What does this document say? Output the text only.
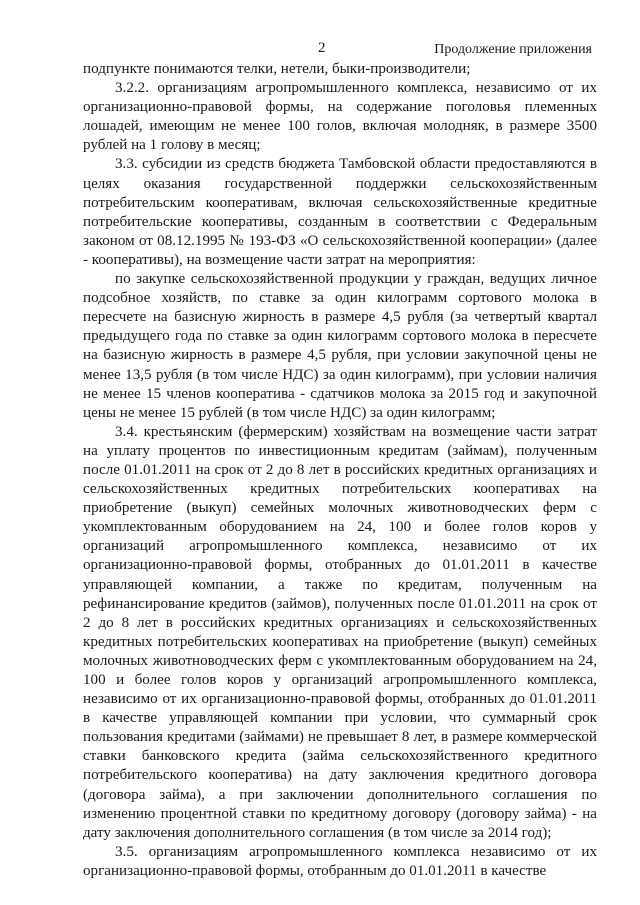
2	Продолжение приложения

подпункте понимаются телки, нетели, быки-производители;

3.2.2. организациям агропромышленного комплекса, независимо от их организационно-правовой формы, на содержание поголовья племенных лошадей, имеющим не менее 100 голов, включая молодняк, в размере 3500 рублей на 1 голову в месяц;

3.3. субсидии из средств бюджета Тамбовской области предоставляются в целях оказания государственной поддержки сельскохозяйственным потребительским кооперативам, включая сельскохозяйственные кредитные потребительские кооперативы, созданным в соответствии с Федеральным законом от 08.12.1995 № 193-ФЗ «О сельскохозяйственной кооперации» (далее - кооперативы), на возмещение части затрат на мероприятия:

по закупке сельскохозяйственной продукции у граждан, ведущих личное подсобное хозяйств, по ставке за один килограмм сортового молока в пересчете на базисную жирность в размере 4,5 рубля (за четвертый квартал предыдущего года по ставке за один килограмм сортового молока в пересчете на базисную жирность в размере 4,5 рубля, при условии закупочной цены не менее 13,5 рубля (в том числе НДС) за один килограмм), при условии наличия не менее 15 членов кооператива - сдатчиков молока за 2015 год и закупочной цены не менее 15 рублей (в том числе НДС) за один килограмм;

3.4. крестьянским (фермерским) хозяйствам на возмещение части затрат на уплату процентов по инвестиционным кредитам (займам), полученным после 01.01.2011 на срок от 2 до 8 лет в российских кредитных организациях и сельскохозяйственных кредитных потребительских кооперативах на приобретение (выкуп) семейных молочных животноводческих ферм с укомплектованным оборудованием на 24, 100 и более голов коров у организаций агропромышленного комплекса, независимо от их организационно-правовой формы, отобранных до 01.01.2011 в качестве управляющей компании, а также по кредитам, полученным на рефинансирование кредитов (займов), полученных после 01.01.2011 на срок от 2 до 8 лет в российских кредитных организациях и сельскохозяйственных кредитных потребительских кооперативах на приобретение (выкуп) семейных молочных животноводческих ферм с укомплектованным оборудованием на 24, 100 и более голов коров у организаций агропромышленного комплекса, независимо от их организационно-правовой формы, отобранных до 01.01.2011 в качестве управляющей компании при условии, что суммарный срок пользования кредитами (займами) не превышает 8 лет, в размере коммерческой ставки банковского кредита (займа сельскохозяйственного кредитного потребительского кооператива) на дату заключения кредитного договора (договора займа), а при заключении дополнительного соглашения по изменению процентной ставки по кредитному договору (договору займа) - на дату заключения дополнительного соглашения (в том числе за 2014 год);

3.5. организациям агропромышленного комплекса независимо от их организационно-правовой формы, отобранным до 01.01.2011 в качестве
